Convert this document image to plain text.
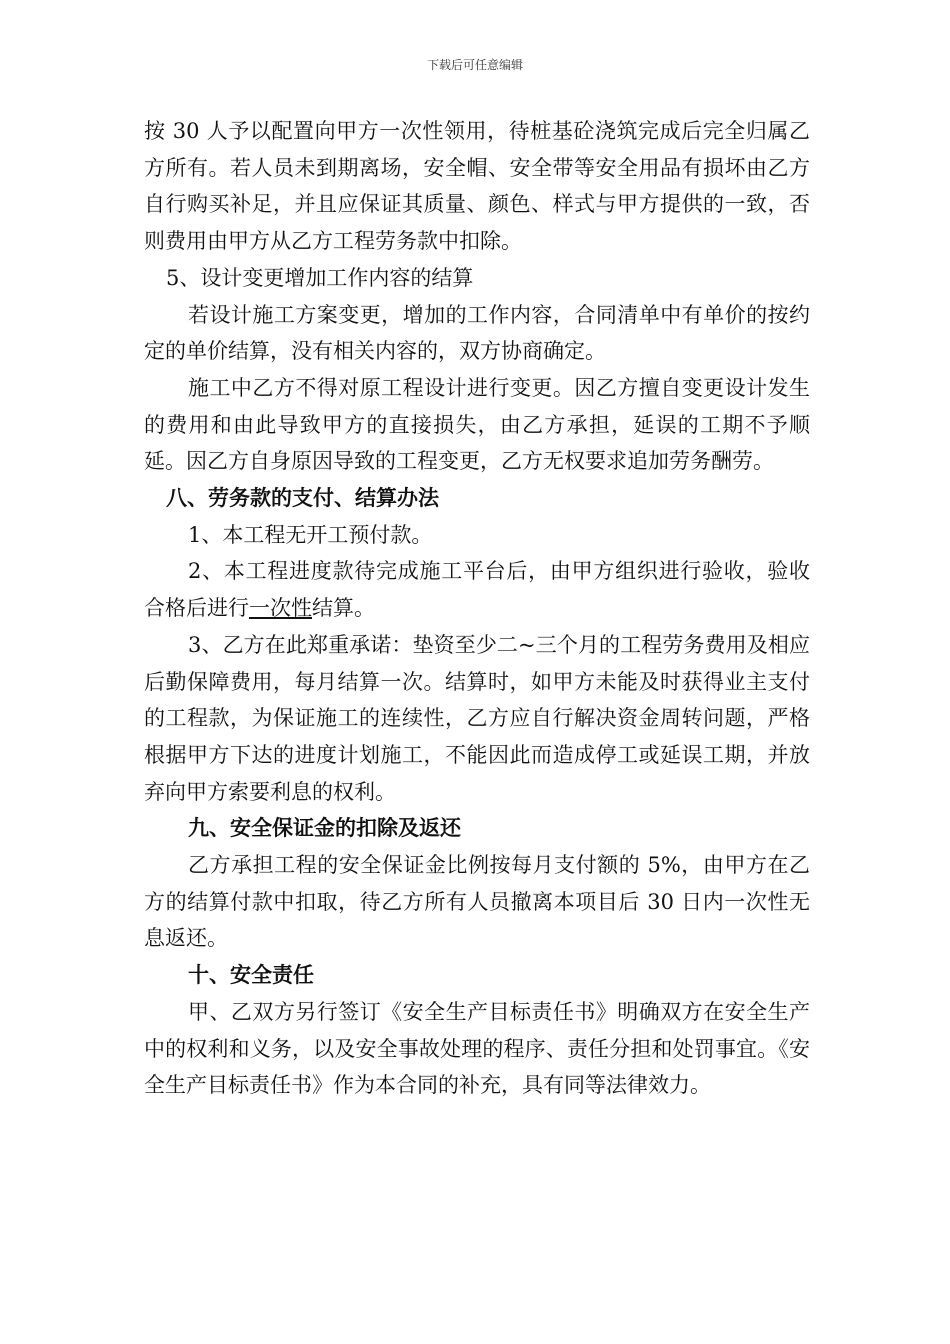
下载后可任意编辑

按 30 人予以配置向甲方一次性领用，待桩基砼浇筑完成后完全归属乙方所有。若人员未到期离场，安全帽、安全带等安全用品有损坏由乙方自行购买补足，并且应保证其质量、颜色、样式与甲方提供的一致，否则费用由甲方从乙方工程劳务款中扣除。

5、设计变更增加工作内容的结算

若设计施工方案变更，增加的工作内容，合同清单中有单价的按约定的单价结算，没有相关内容的，双方协商确定。

施工中乙方不得对原工程设计进行变更。因乙方擅自变更设计发生的费用和由此导致甲方的直接损失，由乙方承担，延误的工期不予顺延。因乙方自身原因导致的工程变更，乙方无权要求追加劳务酬劳。

八、劳务款的支付、结算办法

1、本工程无开工预付款。

2、本工程进度款待完成施工平台后，由甲方组织进行验收，验收合格后进行一次性结算。

3、乙方在此郑重承诺：垫资至少二~三个月的工程劳务费用及相应后勤保障费用，每月结算一次。结算时，如甲方未能及时获得业主支付的工程款，为保证施工的连续性，乙方应自行解决资金周转问题，严格根据甲方下达的进度计划施工，不能因此而造成停工或延误工期，并放弃向甲方索要利息的权利。

九、安全保证金的扣除及返还

乙方承担工程的安全保证金比例按每月支付额的 5%，由甲方在乙方的结算付款中扣取，待乙方所有人员撤离本项目后 30 日内一次性无息返还。

十、安全责任

甲、乙双方另行签订《安全生产目标责任书》明确双方在安全生产中的权利和义务，以及安全事故处理的程序、责任分担和处罚事宜。《安全生产目标责任书》作为本合同的补充，具有同等法律效力。
